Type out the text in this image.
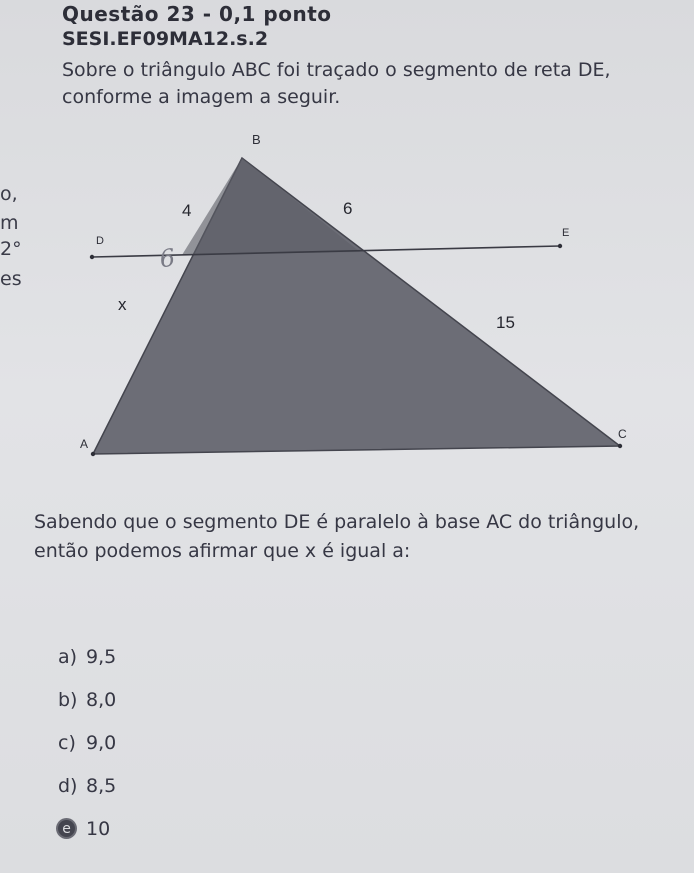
Questão 23 - 0,1 ponto
SESI.EF09MA12.s.2
Sobre o triângulo ABC foi traçado o segmento de reta DE, conforme a imagem a seguir.
o,
m
2°
es
B
D
E
A
C
4	6
x
15
6
Sabendo que o segmento DE é paralelo à base AC do triângulo, então podemos afirmar que x é igual a:
a) 9,5
b) 8,0
c) 9,0
d) 8,5
e 10
